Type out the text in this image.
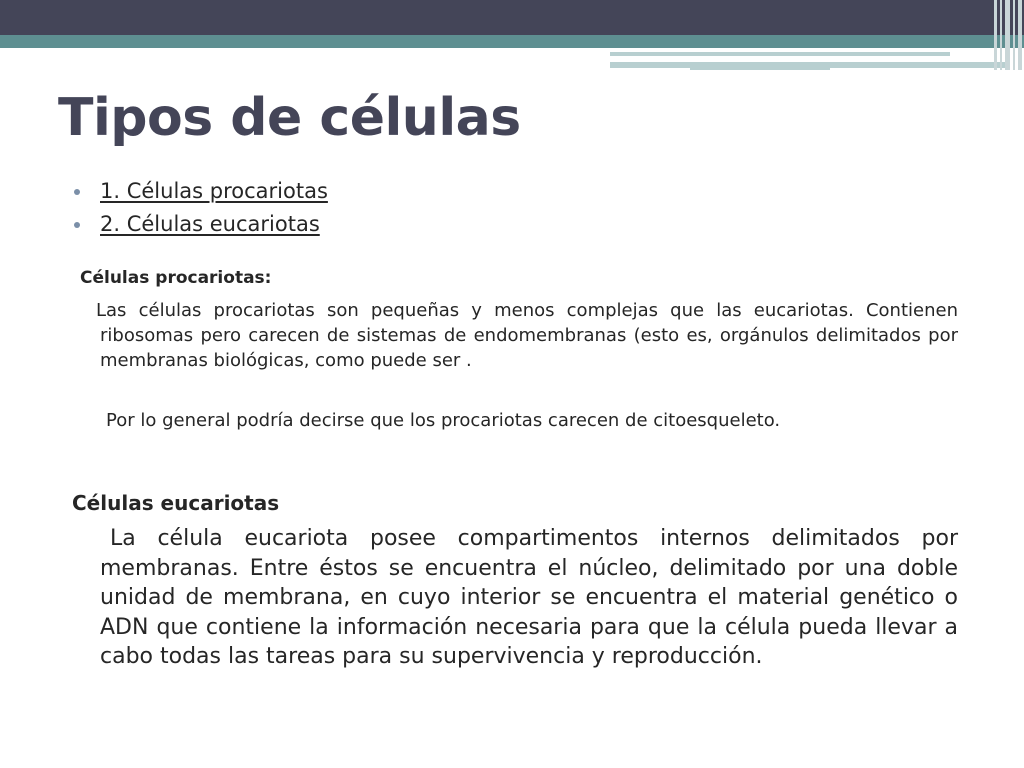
Tipos de células
1. Células procariotas
2. Células eucariotas
Células procariotas:

Las células procariotas son pequeñas y menos complejas que las eucariotas. Contienen ribosomas pero carecen de sistemas de endomembranas (esto es, orgánulos delimitados por membranas biológicas, como puede ser .

Por lo general podría decirse que los procariotas carecen de citoesqueleto.

Células eucariotas

La célula eucariota posee compartimentos internos delimitados por membranas. Entre éstos se encuentra el núcleo, delimitado por una doble unidad de membrana, en cuyo interior se encuentra el material genético o ADN que contiene la información necesaria para que la célula pueda llevar a cabo todas las tareas para su supervivencia y reproducción.
